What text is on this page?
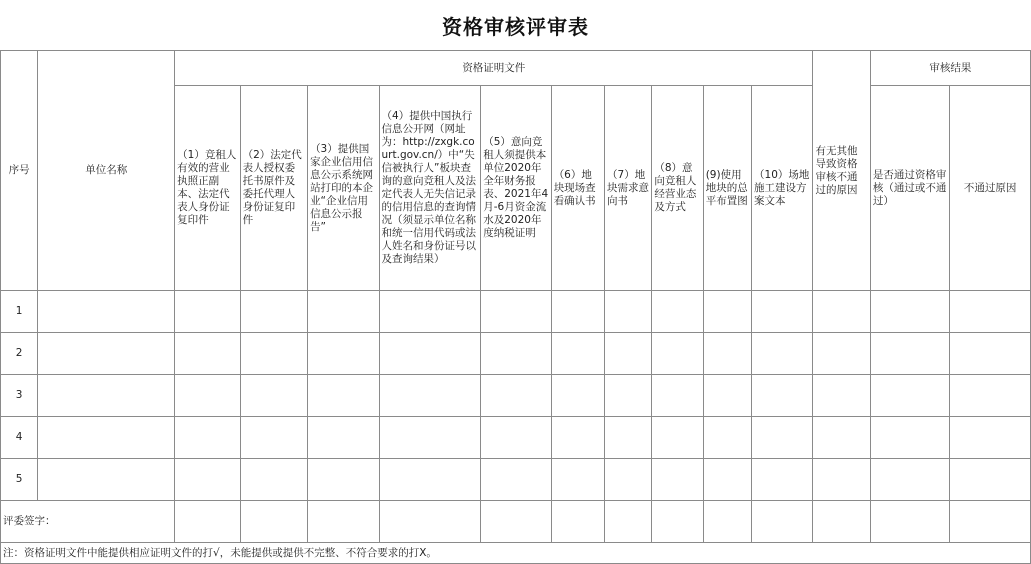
资格审核评审表
序号	单位名称	资格证明文件										有无其他导致资格审核不通过的原因	审核结果	
		（1）竞租人有效的营业执照正副本、法定代表人身份证复印件	（2）法定代表人授权委托书原件及委托代理人身份证复印件	（3）提供国家企业信用信息公示系统网站打印的本企业“企业信用信息公示报告”	（4）提供中国执行信息公开网（网址为：http://zxgk.court.gov.cn/）中“失信被执行人”板块查询的意向竞租人及法定代表人无失信记录的信用信息的查询情况（须显示单位名称和统一信用代码或法人姓名和身份证号以及查询结果）	（5）意向竞租人须提供本单位2020年全年财务报表、2021年4月-6月资金流水及2020年度纳税证明	（6）地块现场查看确认书	（7）地块需求意向书	（8）意向竞租人经营业态及方式	(9)使用地块的总平布置图	（10）场地施工建设方案文本		是否通过资格审核（通过或不通过）	不通过原因
1														
2														
3														
4														
5														
评委签字：														
注：资格证明文件中能提供相应证明文件的打√，未能提供或提供不完整、不符合要求的打X。														
